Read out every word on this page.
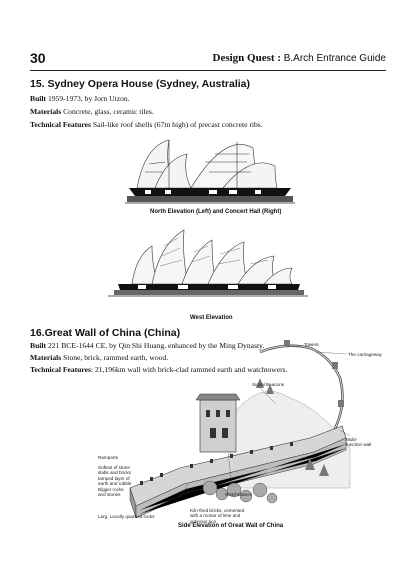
30	Design Quest : B.Arch Entrance Guide
15. Sydney Opera House (Sydney, Australia)
Built 1959-1973, by Jorn Utzon.
Materials Concrete, glass, ceramic tiles.
Technical Features Sail-like roof shells (67m high) of precast concrete ribs.
North Elevation (Left) and Concert Hall (Right)
West Elevation
16.Great Wall of China (China)
Built 221 BCE-1644 CE, by Qin Shi Huang, enhanced by the Ming Dynasty.
Materials Stone, brick, rammed earth, wood.
Technical Features: 21,196km wall with brick-clad rammed earth and watchtowers.
Towers
The carriageway
Signal Beacons
Multi-function wall
Ramparts
Softest of stone slabs and bricks
tamped layer of earth and rubble
Bigger rocks and stones
Larg. Locally quarried rocks
Watchtowers
Kiln-fired bricks, cemented with a mortar of lime and gutinous rice
Side Elevation of Great Wall of China
